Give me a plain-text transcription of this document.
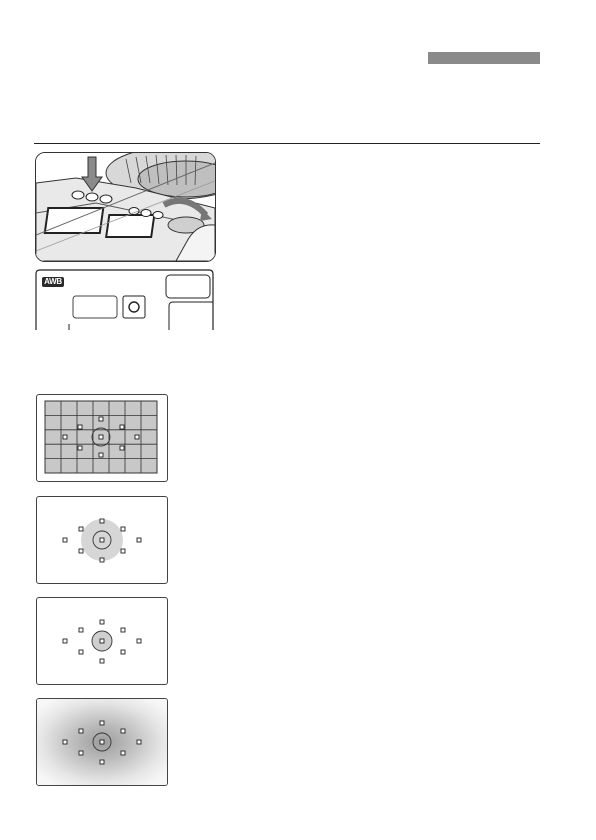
AWB
